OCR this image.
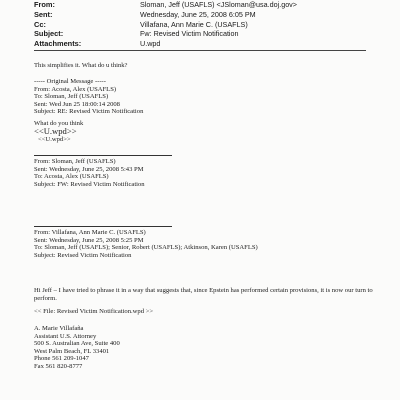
From:	Sloman, Jeff (USAFLS) <JSloman@usa.doj.gov>
Sent:	Wednesday, June 25, 2008 6:05 PM
Cc:	Villafana, Ann Marie C. (USAFLS)
Subject:	Fw: Revised Victim Notification
Attachments:	U.wpd
This simplifies it. What do u think?
----- Original Message -----
From: Acosta, Alex (USAFLS)
To: Sloman, Jeff (USAFLS)
Sent: Wed Jun 25 18:00:14 2008
Subject: RE: Revised Victim Notification
What do you think
<<U.wpd>>
<<U.wpd>>
From: Sloman, Jeff (USAFLS)
Sent: Wednesday, June 25, 2008 5:43 PM
To: Acosta, Alex (USAFLS)
Subject: FW: Revised Victim Notification
From: Villafana, Ann Marie C. (USAFLS)
Sent: Wednesday, June 25, 2008 5:25 PM
To: Sloman, Jeff (USAFLS); Senior, Robert (USAFLS); Atkinson, Karen (USAFLS)
Subject: Revised Victim Notification
Hi Jeff – I have tried to phrase it in a way that suggests that, since Epstein has performed certain provisions, it is now our turn to perform.
<< File: Revised Victim Notification.wpd >>
A. Marie Villafaña
Assistant U.S. Attorney
500 S. Australian Ave, Suite 400
West Palm Beach, FL 33401
Phone 561 209-1047
Fax 561 820-8777
